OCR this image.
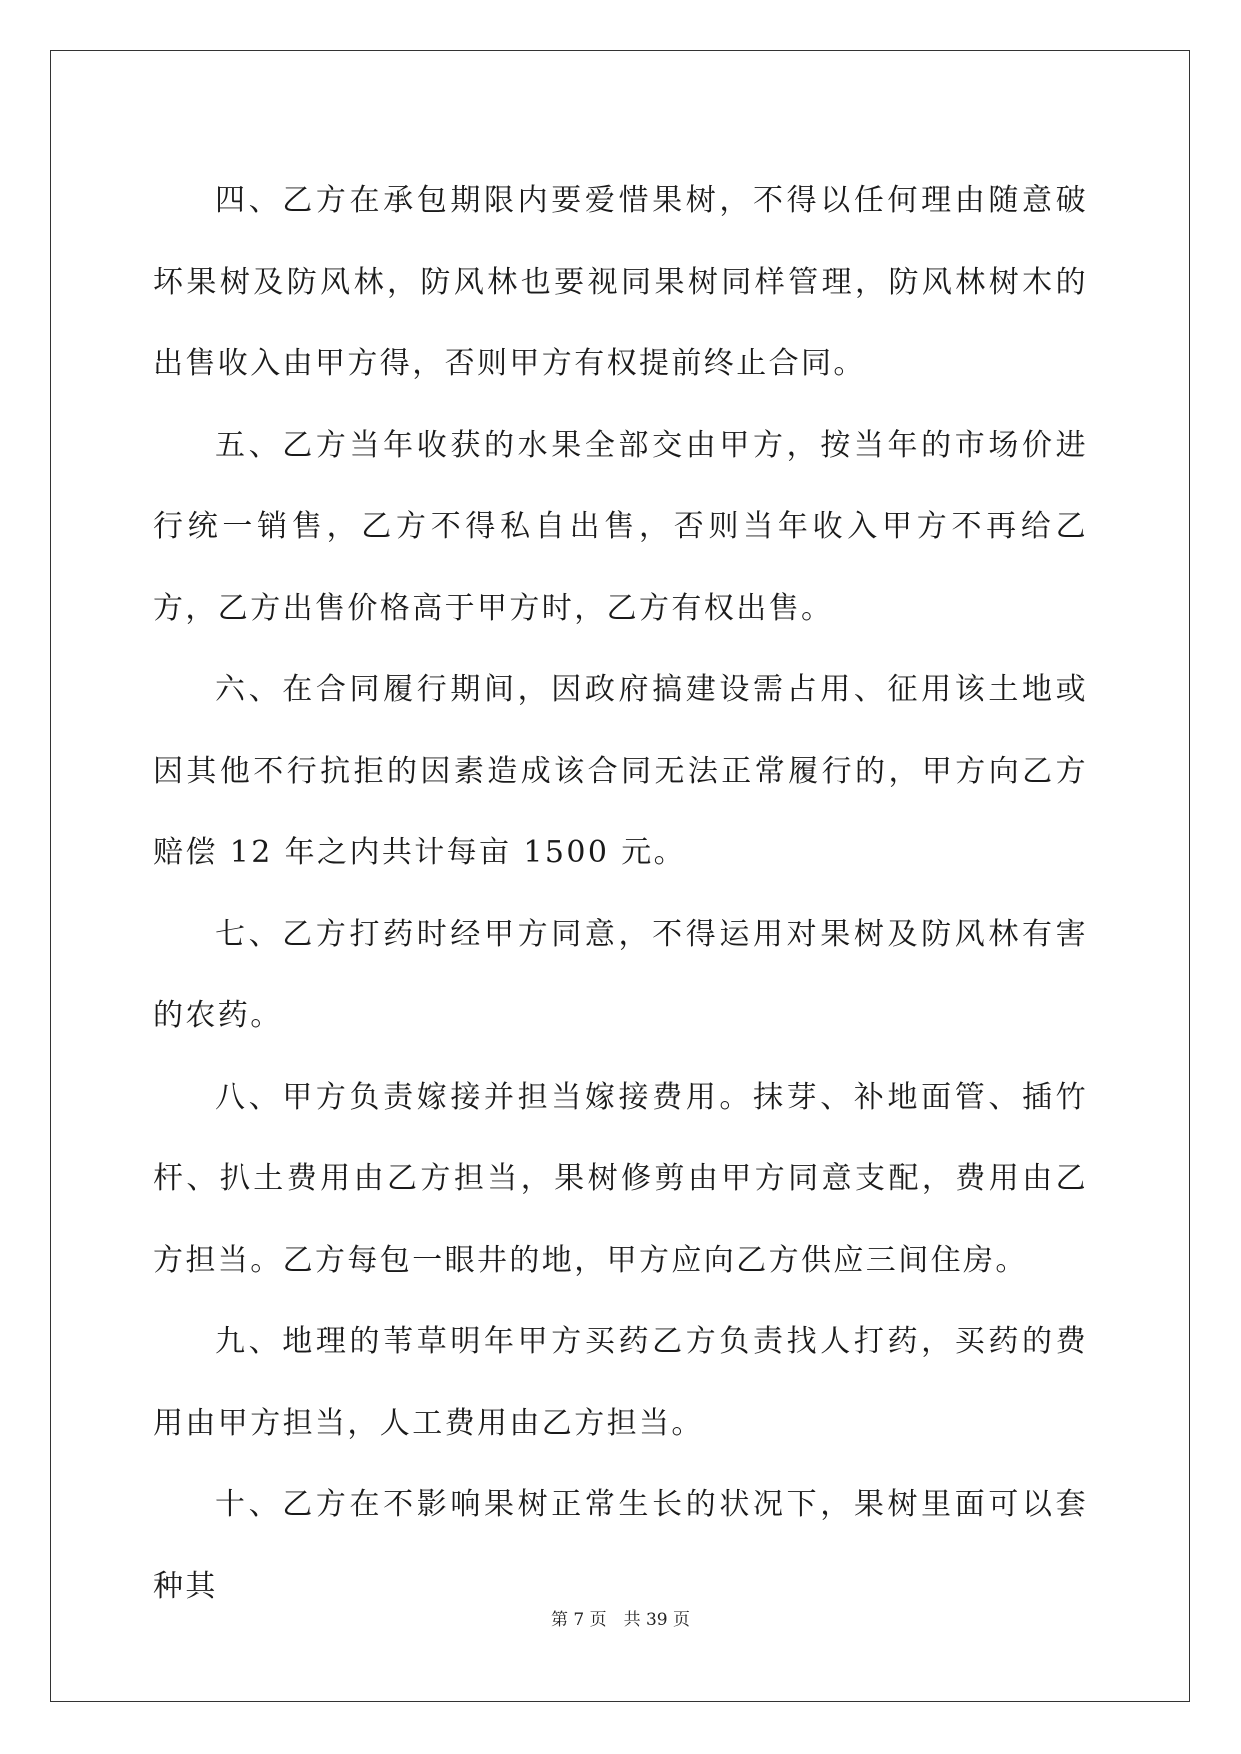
四、乙方在承包期限内要爱惜果树，不得以任何理由随意破坏果树及防风林，防风林也要视同果树同样管理，防风林树木的出售收入由甲方得，否则甲方有权提前终止合同。

五、乙方当年收获的水果全部交由甲方，按当年的市场价进行统一销售，乙方不得私自出售，否则当年收入甲方不再给乙方，乙方出售价格高于甲方时，乙方有权出售。

六、在合同履行期间，因政府搞建设需占用、征用该土地或因其他不行抗拒的因素造成该合同无法正常履行的，甲方向乙方赔偿 12 年之内共计每亩 1500 元。

七、乙方打药时经甲方同意，不得运用对果树及防风林有害的农药。

八、甲方负责嫁接并担当嫁接费用。抹芽、补地面管、插竹杆、扒土费用由乙方担当，果树修剪由甲方同意支配，费用由乙方担当。乙方每包一眼井的地，甲方应向乙方供应三间住房。

九、地理的苇草明年甲方买药乙方负责找人打药，买药的费用由甲方担当，人工费用由乙方担当。

十、乙方在不影响果树正常生长的状况下，果树里面可以套种其

第 7 页　共 39 页
